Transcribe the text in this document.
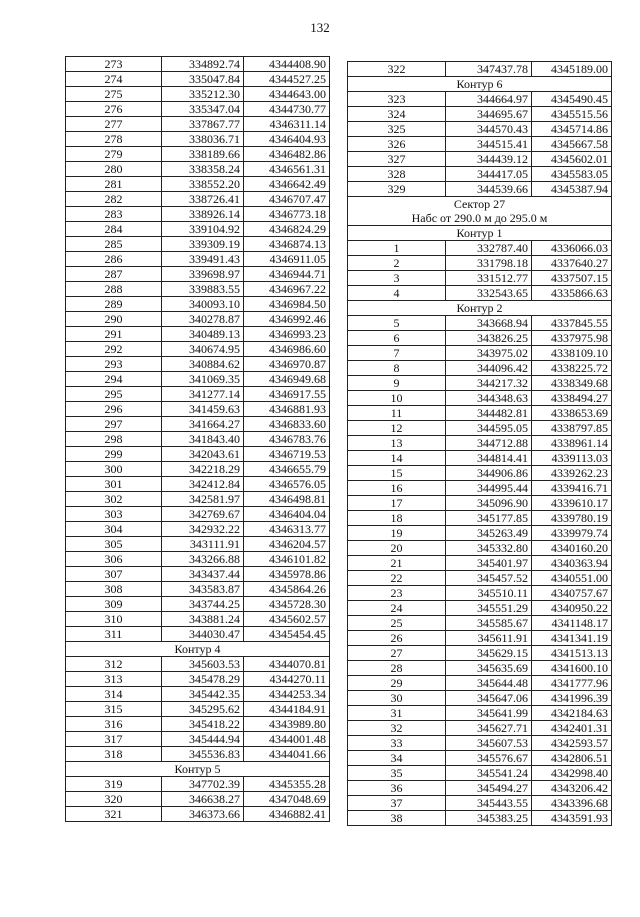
132
273	334892.74	4344408.90
274	335047.84	4344527.25
275	335212.30	4344643.00
276	335347.04	4344730.77
277	337867.77	4346311.14
278	338036.71	4346404.93
279	338189.66	4346482.86
280	338358.24	4346561.31
281	338552.20	4346642.49
282	338726.41	4346707.47
283	338926.14	4346773.18
284	339104.92	4346824.29
285	339309.19	4346874.13
286	339491.43	4346911.05
287	339698.97	4346944.71
288	339883.55	4346967.22
289	340093.10	4346984.50
290	340278.87	4346992.46
291	340489.13	4346993.23
292	340674.95	4346986.60
293	340884.62	4346970.87
294	341069.35	4346949.68
295	341277.14	4346917.55
296	341459.63	4346881.93
297	341664.27	4346833.60
298	341843.40	4346783.76
299	342043.61	4346719.53
300	342218.29	4346655.79
301	342412.84	4346576.05
302	342581.97	4346498.81
303	342769.67	4346404.04
304	342932.22	4346313.77
305	343111.91	4346204.57
306	343266.88	4346101.82
307	343437.44	4345978.86
308	343583.87	4345864.26
309	343744.25	4345728.30
310	343881.24	4345602.57
311	344030.47	4345454.45
Контур 4		
312	345603.53	4344070.81
313	345478.29	4344270.11
314	345442.35	4344253.34
315	345295.62	4344184.91
316	345418.22	4343989.80
317	345444.94	4344001.48
318	345536.83	4344041.66
Контур 5		
319	347702.39	4345355.28
320	346638.27	4347048.69
321	346373.66	4346882.41
322	347437.78	4345189.00
Контур 6		
323	344664.97	4345490.45
324	344695.67	4345515.56
325	344570.43	4345714.86
326	344515.41	4345667.58
327	344439.12	4345602.01
328	344417.05	4345583.05
329	344539.66	4345387.94
Сектор 27		
Набс от 290.0 м до 295.0 м		
Контур 1		
1	332787.40	4336066.03
2	331798.18	4337640.27
3	331512.77	4337507.15
4	332543.65	4335866.63
Контур 2		
5	343668.94	4337845.55
6	343826.25	4337975.98
7	343975.02	4338109.10
8	344096.42	4338225.72
9	344217.32	4338349.68
10	344348.63	4338494.27
11	344482.81	4338653.69
12	344595.05	4338797.85
13	344712.88	4338961.14
14	344814.41	4339113.03
15	344906.86	4339262.23
16	344995.44	4339416.71
17	345096.90	4339610.17
18	345177.85	4339780.19
19	345263.49	4339979.74
20	345332.80	4340160.20
21	345401.97	4340363.94
22	345457.52	4340551.00
23	345510.11	4340757.67
24	345551.29	4340950.22
25	345585.67	4341148.17
26	345611.91	4341341.19
27	345629.15	4341513.13
28	345635.69	4341600.10
29	345644.48	4341777.96
30	345647.06	4341996.39
31	345641.99	4342184.63
32	345627.71	4342401.31
33	345607.53	4342593.57
34	345576.67	4342806.51
35	345541.24	4342998.40
36	345494.27	4343206.42
37	345443.55	4343396.68
38	345383.25	4343591.93
